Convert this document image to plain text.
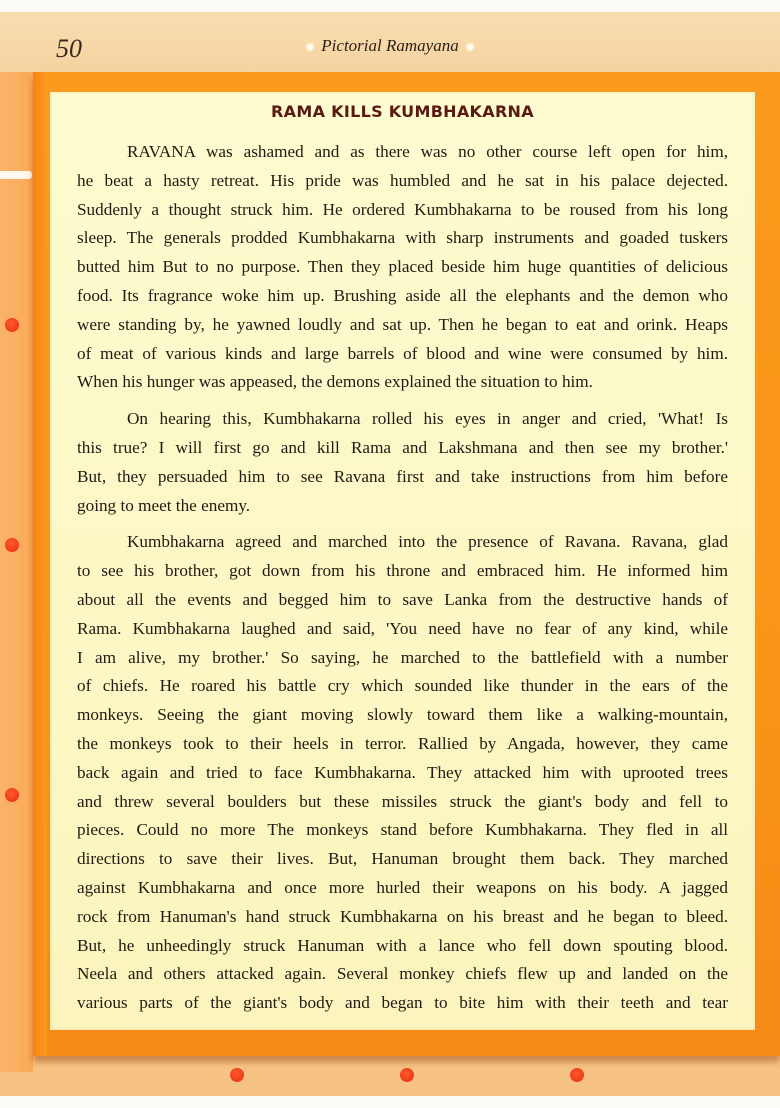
50	Pictorial Ramayana
RAMA KILLS KUMBHAKARNA
RAVANA was ashamed and as there was no other course left open for him,
he beat a hasty retreat. His pride was humbled and he sat in his palace dejected.
Suddenly a thought struck him. He ordered Kumbhakarna to be roused from his long
sleep. The generals prodded Kumbhakarna with sharp instruments and goaded tuskers
butted him But to no purpose. Then they placed beside him huge quantities of delicious
food. Its fragrance woke him up. Brushing aside all the elephants and the demon who
were standing by, he yawned loudly and sat up. Then he began to eat and orink. Heaps
of meat of various kinds and large barrels of blood and wine were consumed by him.
When his hunger was appeased, the demons explained the situation to him.
On hearing this, Kumbhakarna rolled his eyes in anger and cried, 'What! Is
this true? I will first go and kill Rama and Lakshmana and then see my brother.'
But, they persuaded him to see Ravana first and take instructions from him before
going to meet the enemy.
Kumbhakarna agreed and marched into the presence of Ravana. Ravana, glad
to see his brother, got down from his throne and embraced him. He informed him
about all the events and begged him to save Lanka from the destructive hands of
Rama. Kumbhakarna laughed and said, 'You need have no fear of any kind, while
I am alive, my brother.' So saying, he marched to the battlefield with a number
of chiefs. He roared his battle cry which sounded like thunder in the ears of the
monkeys. Seeing the giant moving slowly toward them like a walking-mountain,
the monkeys took to their heels in terror. Rallied by Angada, however, they came
back again and tried to face Kumbhakarna. They attacked him with uprooted trees
and threw several boulders but these missiles struck the giant's body and fell to
pieces. Could no more The monkeys stand before Kumbhakarna. They fled in all
directions to save their lives. But, Hanuman brought them back. They marched
against Kumbhakarna and once more hurled their weapons on his body. A jagged
rock from Hanuman's hand struck Kumbhakarna on his breast and he began to bleed.
But, he unheedingly struck Hanuman with a lance who fell down spouting blood.
Neela and others attacked again. Several monkey chiefs flew up and landed on the
various parts of the giant's body and began to bite him with their teeth and tear
